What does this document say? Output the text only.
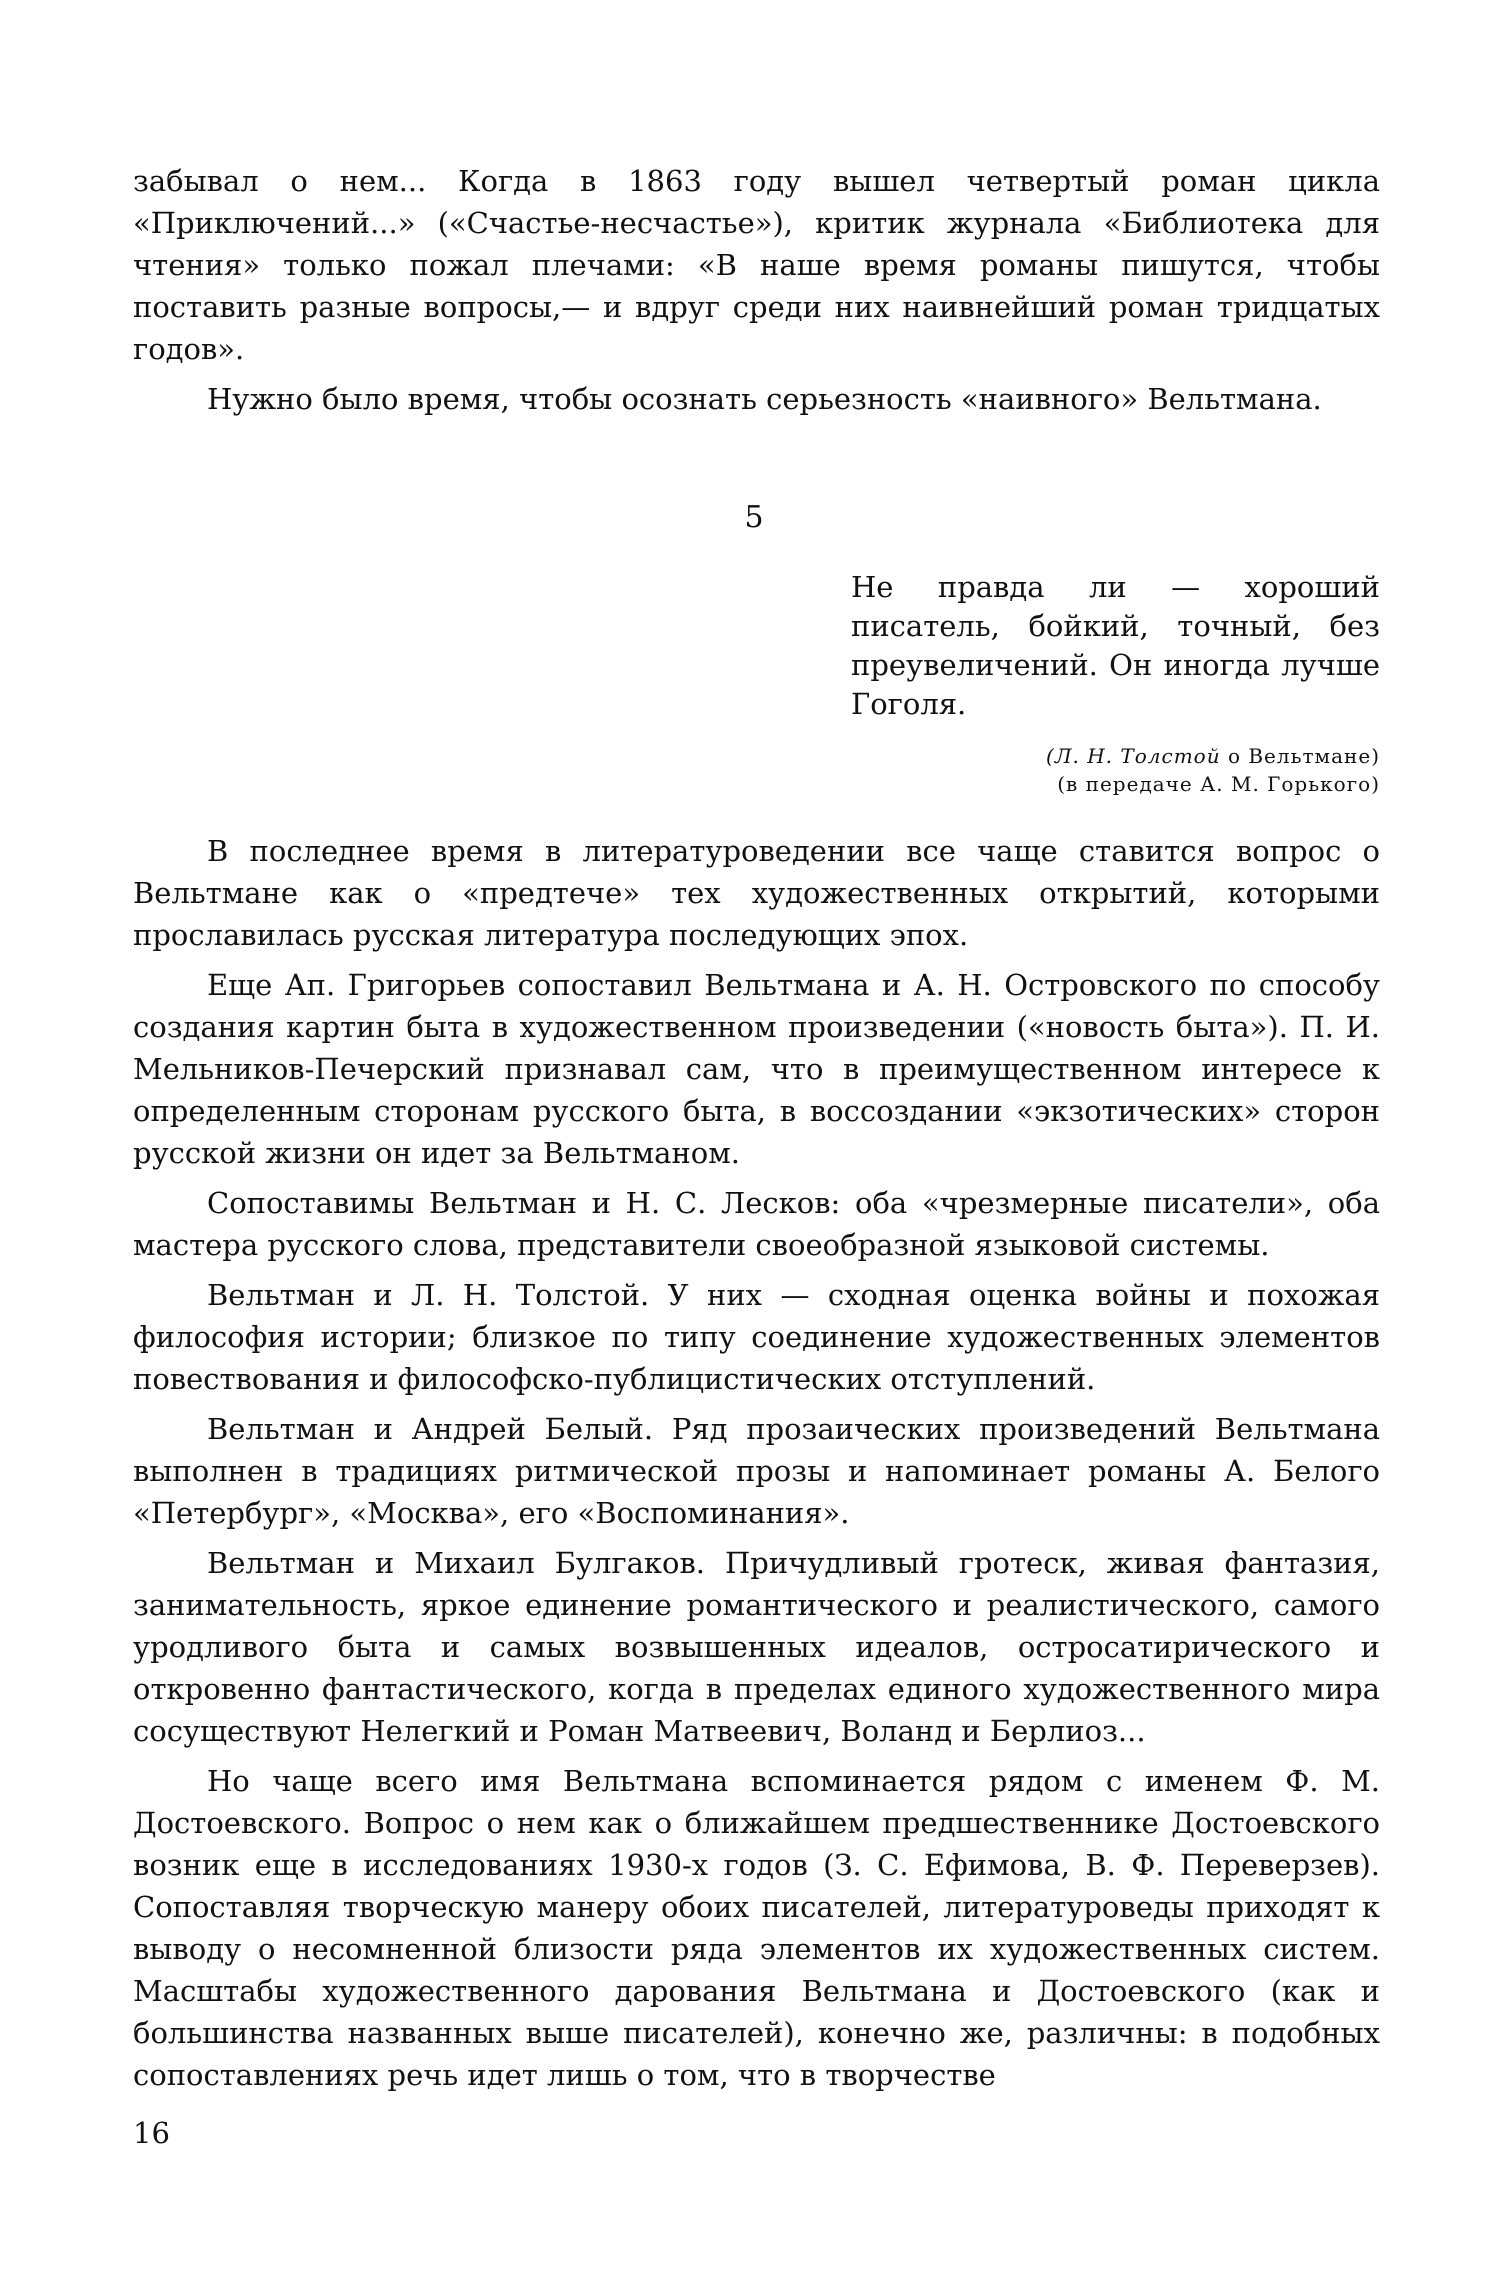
забывал о нем... Когда в 1863 году вышел четвертый роман цикла «Приключений...» («Счастье-несчастье»), критик журнала «Библиотека для чтения» только пожал плечами: «В наше время романы пишутся, чтобы поставить разные вопросы,— и вдруг среди них наивнейший роман тридцатых годов».

Нужно было время, чтобы осознать серьезность «наивного» Вельтмана.

5

Не правда ли — хороший писатель, бойкий, точный, без преувеличений. Он иногда лучше Гоголя.

(Л. Н. Толстой о Вельтмане)
(в передаче А. М. Горького)

В последнее время в литературоведении все чаще ставится вопрос о Вельтмане как о «предтече» тех художественных открытий, которыми прославилась русская литература последующих эпох.

Еще Ап. Григорьев сопоставил Вельтмана и А. Н. Островского по способу создания картин быта в художественном произведении («новость быта»). П. И. Мельников-Печерский признавал сам, что в преимущественном интересе к определенным сторонам русского быта, в воссоздании «экзотических» сторон русской жизни он идет за Вельтманом.

Сопоставимы Вельтман и Н. С. Лесков: оба «чрезмерные писатели», оба мастера русского слова, представители своеобразной языковой системы.

Вельтман и Л. Н. Толстой. У них — сходная оценка войны и похожая философия истории; близкое по типу соединение художественных элементов повествования и философско-публицистических отступлений.

Вельтман и Андрей Белый. Ряд прозаических произведений Вельтмана выполнен в традициях ритмической прозы и напоминает романы А. Белого «Петербург», «Москва», его «Воспоминания».

Вельтман и Михаил Булгаков. Причудливый гротеск, живая фантазия, занимательность, яркое единение романтического и реалистического, самого уродливого быта и самых возвышенных идеалов, остросатирического и откровенно фантастического, когда в пределах единого художественного мира сосуществуют Нелегкий и Роман Матвеевич, Воланд и Берлиоз...

Но чаще всего имя Вельтмана вспоминается рядом с именем Ф. М. Достоевского. Вопрос о нем как о ближайшем предшественнике Достоевского возник еще в исследованиях 1930-х годов (З. С. Ефимова, В. Ф. Переверзев). Сопоставляя творческую манеру обоих писателей, литературоведы приходят к выводу о несомненной близости ряда элементов их художественных систем. Масштабы художественного дарования Вельтмана и Достоевского (как и большинства названных выше писателей), конечно же, различны: в подобных сопоставлениях речь идет лишь о том, что в творчестве

16
